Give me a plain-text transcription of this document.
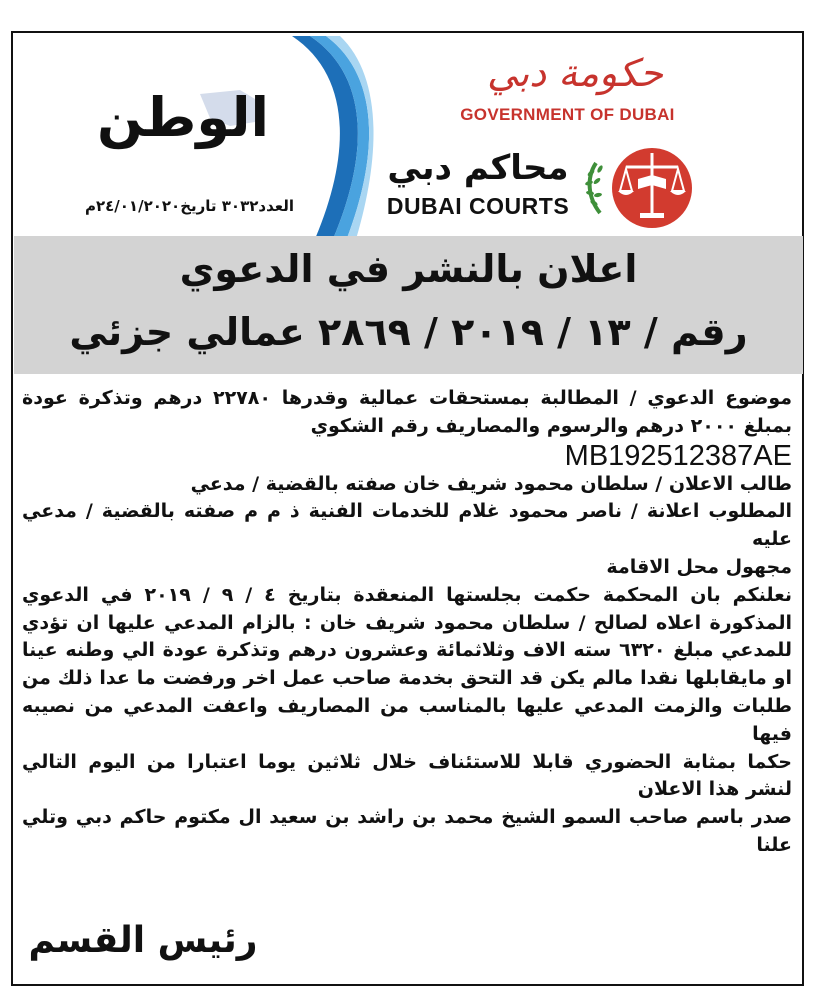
الوطن
العدد٣٠٣٢ تاريخ٢٤/٠١/٢٠٢٠م
حكومة دبي
GOVERNMENT OF DUBAI
محاكم دبي
DUBAI COURTS
اعلان بالنشر في الدعوي
رقم / ١٣ / ٢٠١٩ / ٢٨٦٩ عمالي جزئي

موضوع الدعوي / المطالبة بمستحقات عمالية وقدرها ٢٢٧٨٠ درهم وتذكرة عودة بمبلغ ٢٠٠٠ درهم والرسوم والمصاريف رقم الشكوي

MB192512387AE

طالب الاعلان / سلطان محمود شريف خان صفته بالقضية / مدعي

المطلوب اعلانة / ناصر محمود غلام للخدمات الفنية ذ م م صفته بالقضية / مدعي عليه

مجهول محل الاقامة

نعلنكم بان المحكمة حكمت بجلستها المنعقدة بتاريخ ٤ / ٩ / ٢٠١٩ في الدعوي المذكورة اعلاه لصالح / سلطان محمود شريف خان : بالزام المدعي عليها ان تؤدي للمدعي مبلغ ٦٣٢٠ سته الاف وثلاثمائة وعشرون درهم وتذكرة عودة الي وطنه عينا او مايقابلها نقدا مالم يكن قد التحق بخدمة صاحب عمل اخر ورفضت ما عدا ذلك من طلبات والزمت المدعي عليها بالمناسب من المصاريف واعفت المدعي من نصيبه فيها

حكما بمثابة الحضوري قابلا للاستئناف خلال ثلاثين يوما اعتبارا من اليوم التالي لنشر هذا الاعلان

صدر باسم صاحب السمو الشيخ محمد بن راشد بن سعيد ال مكتوم حاكم دبي وتلي علنا

رئيس القسم
